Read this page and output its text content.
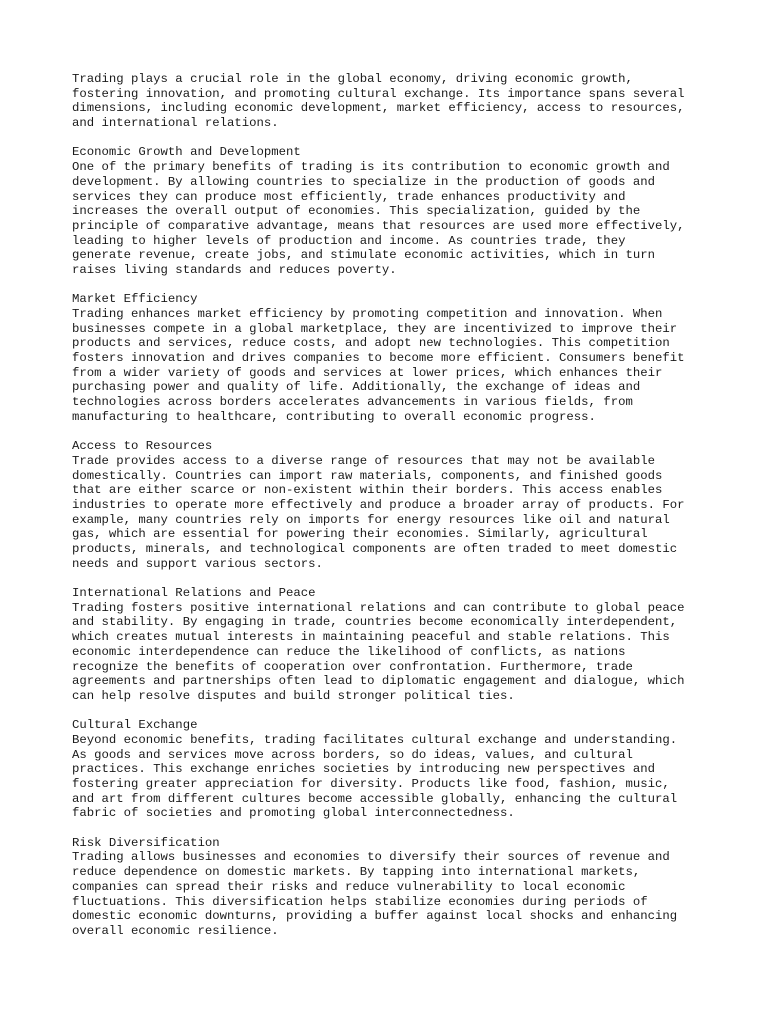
Trading plays a crucial role in the global economy, driving economic growth,
fostering innovation, and promoting cultural exchange. Its importance spans several
dimensions, including economic development, market efficiency, access to resources,
and international relations.
Economic Growth and Development
One of the primary benefits of trading is its contribution to economic growth and
development. By allowing countries to specialize in the production of goods and
services they can produce most efficiently, trade enhances productivity and
increases the overall output of economies. This specialization, guided by the
principle of comparative advantage, means that resources are used more effectively,
leading to higher levels of production and income. As countries trade, they
generate revenue, create jobs, and stimulate economic activities, which in turn
raises living standards and reduces poverty.
Market Efficiency
Trading enhances market efficiency by promoting competition and innovation. When
businesses compete in a global marketplace, they are incentivized to improve their
products and services, reduce costs, and adopt new technologies. This competition
fosters innovation and drives companies to become more efficient. Consumers benefit
from a wider variety of goods and services at lower prices, which enhances their
purchasing power and quality of life. Additionally, the exchange of ideas and
technologies across borders accelerates advancements in various fields, from
manufacturing to healthcare, contributing to overall economic progress.
Access to Resources
Trade provides access to a diverse range of resources that may not be available
domestically. Countries can import raw materials, components, and finished goods
that are either scarce or non-existent within their borders. This access enables
industries to operate more effectively and produce a broader array of products. For
example, many countries rely on imports for energy resources like oil and natural
gas, which are essential for powering their economies. Similarly, agricultural
products, minerals, and technological components are often traded to meet domestic
needs and support various sectors.
International Relations and Peace
Trading fosters positive international relations and can contribute to global peace
and stability. By engaging in trade, countries become economically interdependent,
which creates mutual interests in maintaining peaceful and stable relations. This
economic interdependence can reduce the likelihood of conflicts, as nations
recognize the benefits of cooperation over confrontation. Furthermore, trade
agreements and partnerships often lead to diplomatic engagement and dialogue, which
can help resolve disputes and build stronger political ties.
Cultural Exchange
Beyond economic benefits, trading facilitates cultural exchange and understanding.
As goods and services move across borders, so do ideas, values, and cultural
practices. This exchange enriches societies by introducing new perspectives and
fostering greater appreciation for diversity. Products like food, fashion, music,
and art from different cultures become accessible globally, enhancing the cultural
fabric of societies and promoting global interconnectedness.
Risk Diversification
Trading allows businesses and economies to diversify their sources of revenue and
reduce dependence on domestic markets. By tapping into international markets,
companies can spread their risks and reduce vulnerability to local economic
fluctuations. This diversification helps stabilize economies during periods of
domestic economic downturns, providing a buffer against local shocks and enhancing
overall economic resilience.
